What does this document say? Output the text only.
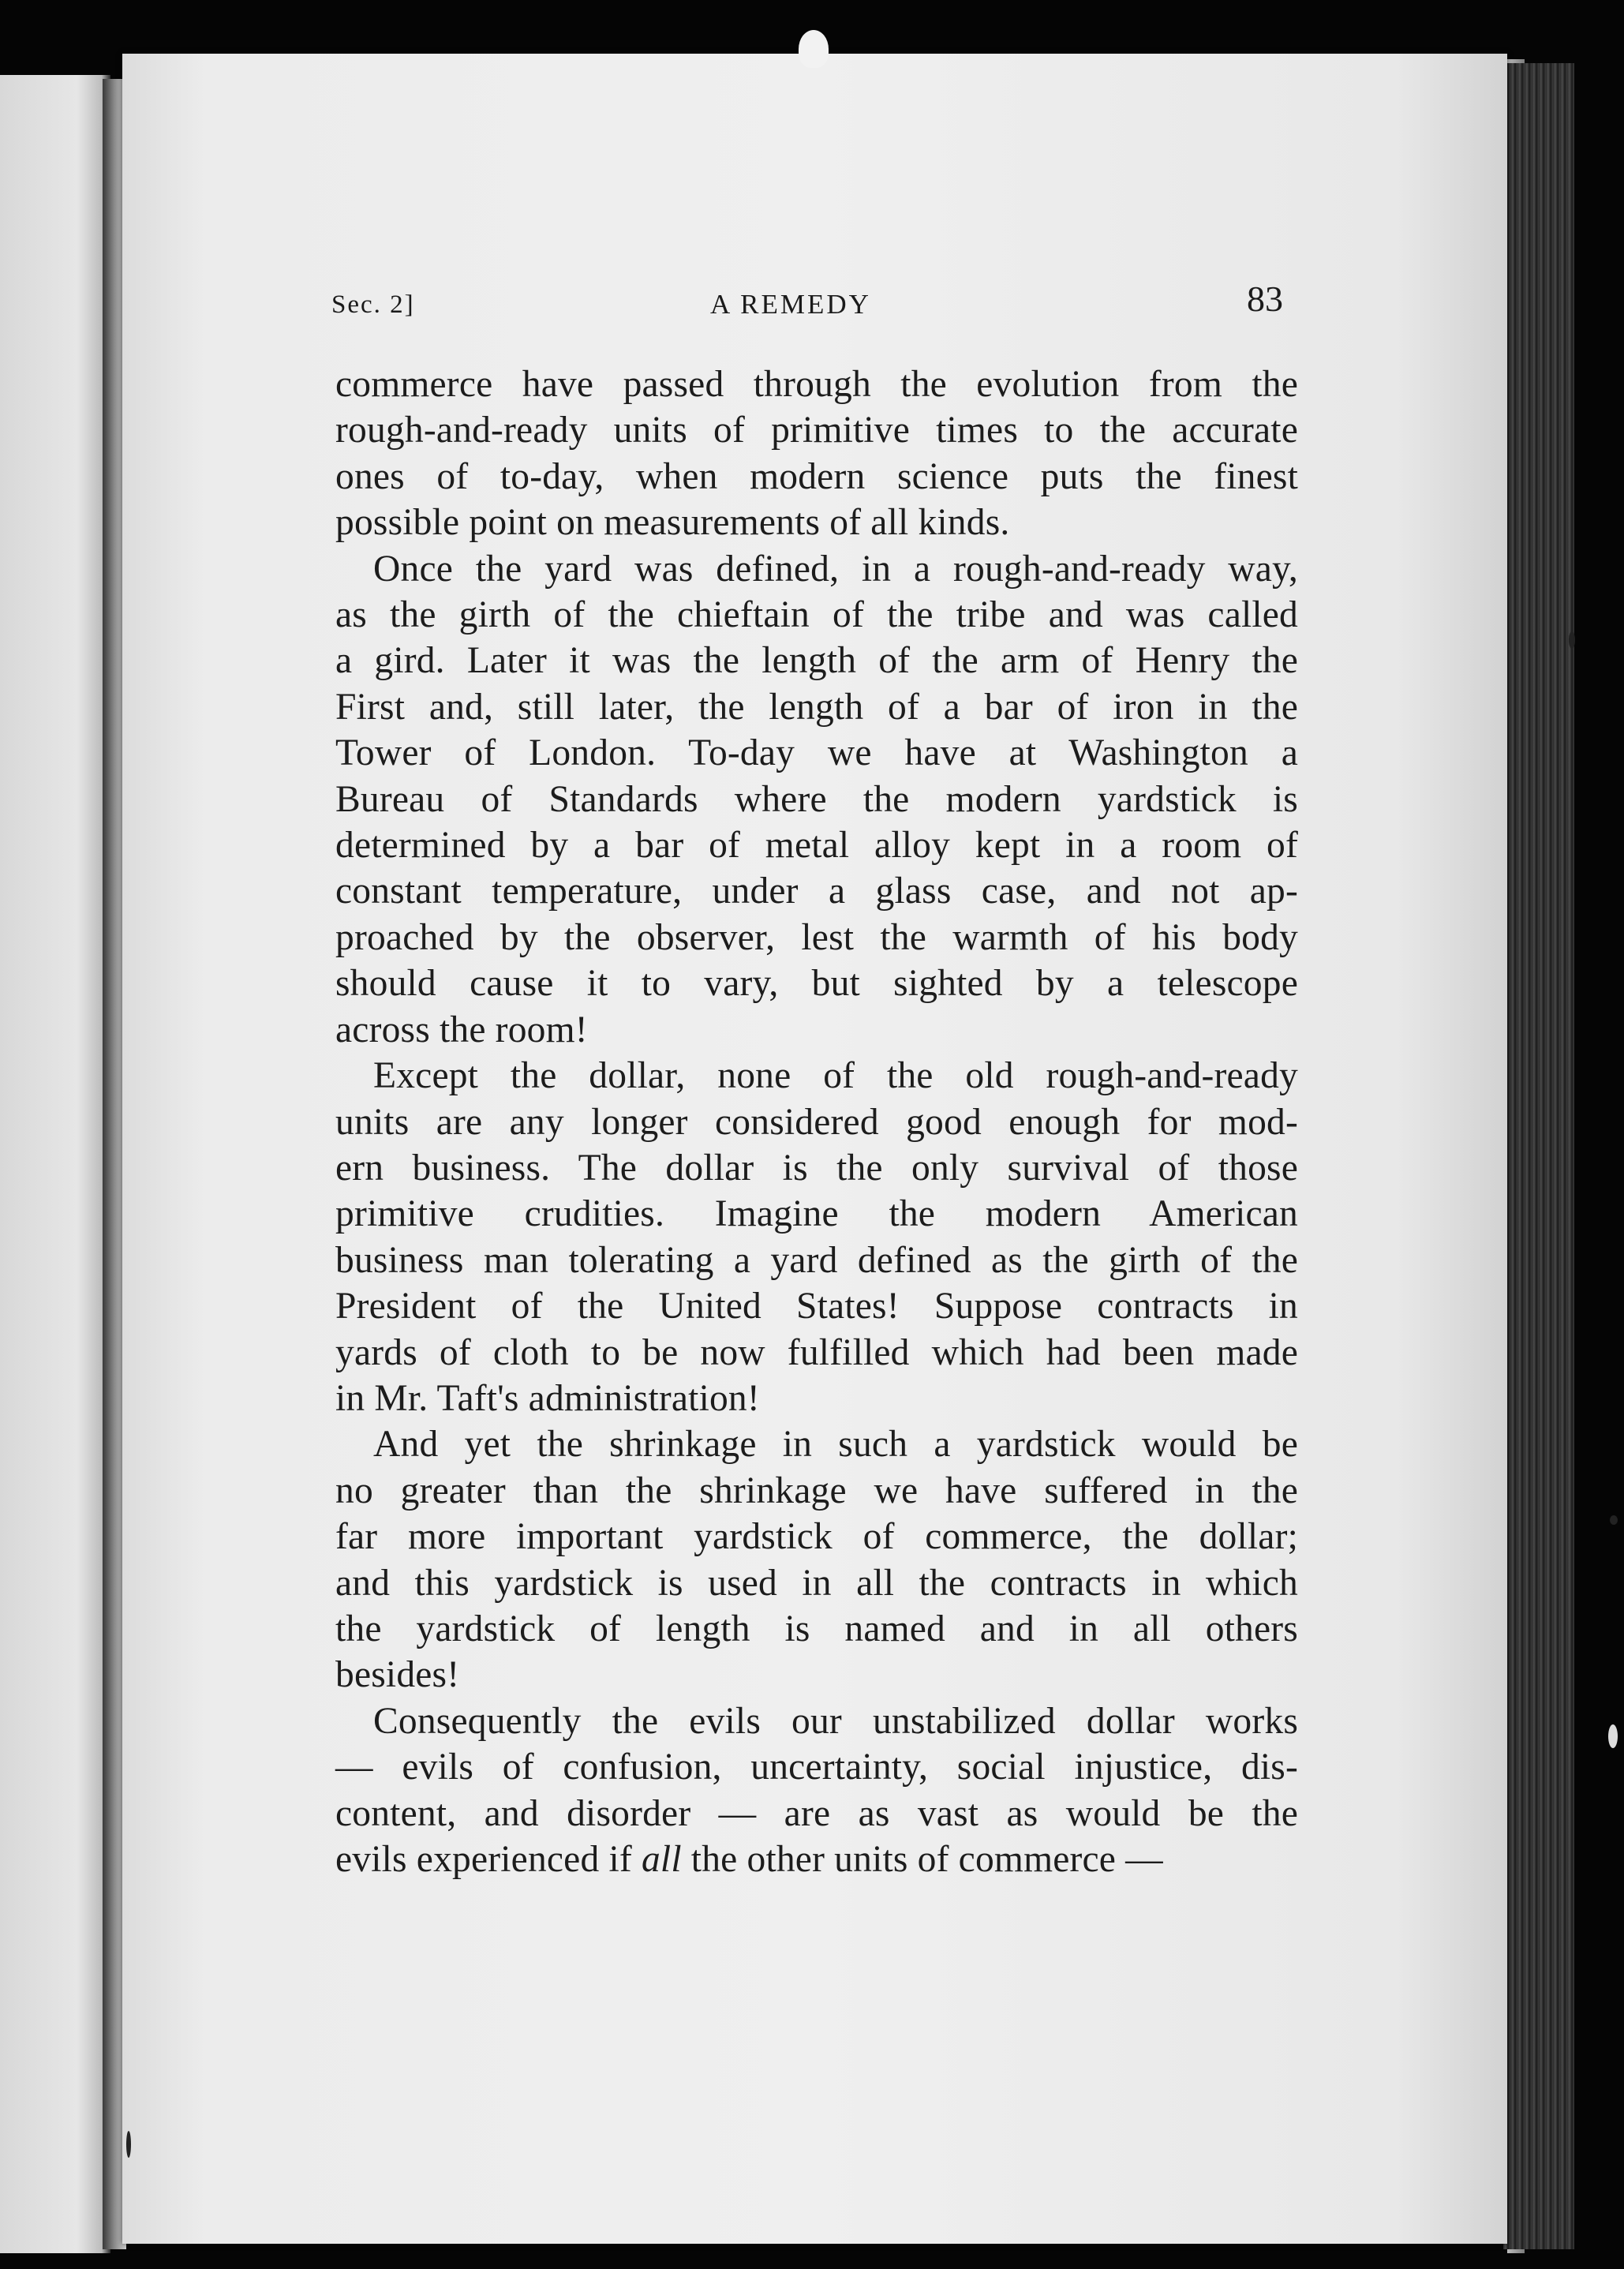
Sec. 2]	A REMEDY	83
commerce have passed through the evolution from the
rough-and-ready units of primitive times to the accurate
ones of to-day, when modern science puts the finest
possible point on measurements of all kinds.
Once the yard was defined, in a rough-and-ready way,
as the girth of the chieftain of the tribe and was called
a gird. Later it was the length of the arm of Henry the
First and, still later, the length of a bar of iron in the
Tower of London. To-day we have at Washington a
Bureau of Standards where the modern yardstick is
determined by a bar of metal alloy kept in a room of
constant temperature, under a glass case, and not ap-
proached by the observer, lest the warmth of his body
should cause it to vary, but sighted by a telescope
across the room!
Except the dollar, none of the old rough-and-ready
units are any longer considered good enough for mod-
ern business. The dollar is the only survival of those
primitive crudities. Imagine the modern American
business man tolerating a yard defined as the girth of the
President of the United States! Suppose contracts in
yards of cloth to be now fulfilled which had been made
in Mr. Taft's administration!
And yet the shrinkage in such a yardstick would be
no greater than the shrinkage we have suffered in the
far more important yardstick of commerce, the dollar;
and this yardstick is used in all the contracts in which
the yardstick of length is named and in all others
besides!
Consequently the evils our unstabilized dollar works
— evils of confusion, uncertainty, social injustice, dis-
content, and disorder — are as vast as would be the
evils experienced if all the other units of commerce —
